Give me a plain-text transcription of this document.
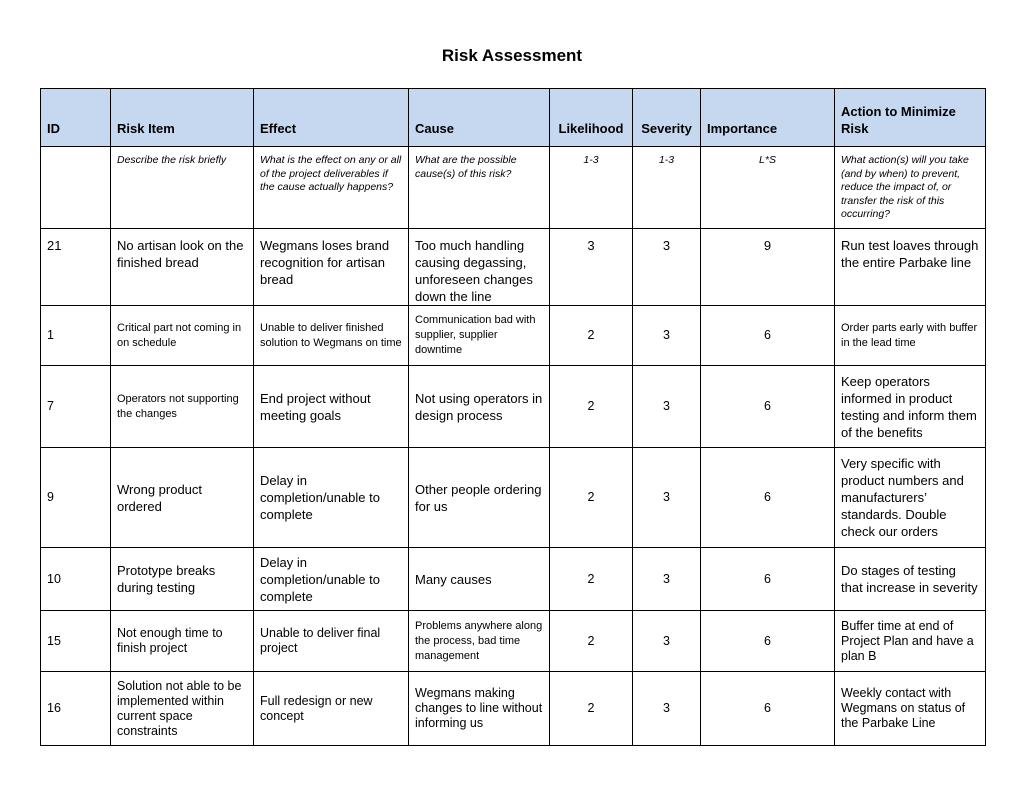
Risk Assessment
ID	Risk Item	Effect	Cause	Likelihood	Severity	Importance	Action to Minimize Risk
	Describe the risk briefly	What is the effect on any or all of the project deliverables if the cause actually happens?	What are the possible cause(s) of this risk?	1-3	1-3	L*S	What action(s) will you take (and by when) to prevent, reduce the impact of, or transfer the risk of this occurring?
21	No artisan look on the finished bread	Wegmans loses brand recognition for artisan bread	Too much handling causing degassing, unforeseen changes down the line	3	3	9	Run test loaves through the entire Parbake line
1	Critical part not coming in on schedule	Unable to deliver finished solution to Wegmans on time	Communication bad with supplier, supplier downtime	2	3	6	Order parts early with buffer in the lead time
7	Operators not supporting the changes	End project without meeting goals	Not using operators in design process	2	3	6	Keep operators informed in product testing and inform them of the benefits
9	Wrong product ordered	Delay in completion/unable to complete	Other people ordering for us	2	3	6	Very specific with product numbers and manufacturers’ standards. Double check our orders
10	Prototype breaks during testing	Delay in completion/unable to complete	Many causes	2	3	6	Do stages of testing that increase in severity
15	Not enough time to finish project	Unable to deliver final project	Problems anywhere along the process, bad time management	2	3	6	Buffer time at end of Project Plan and have a plan B
16	Solution not able to be implemented within current space constraints	Full redesign or new concept	Wegmans making changes to line without informing us	2	3	6	Weekly contact with Wegmans on status of the Parbake Line
